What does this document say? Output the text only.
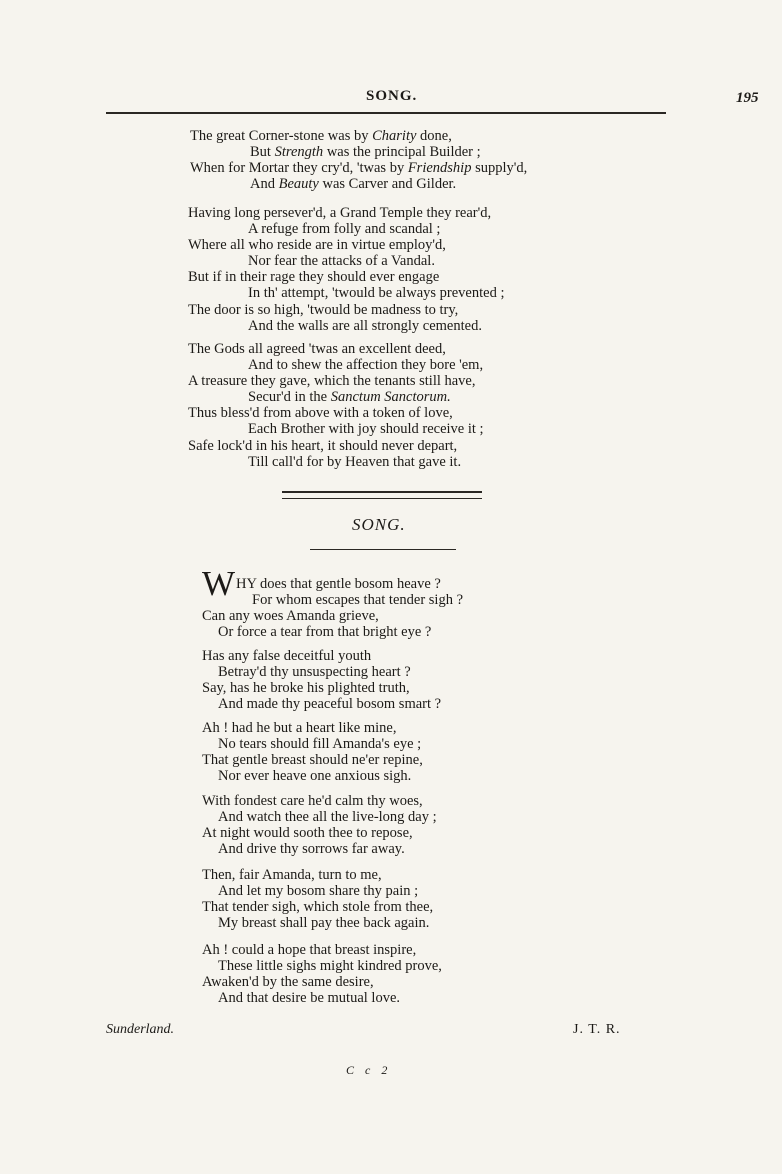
SONG.	195
The great Corner-stone was by Charity done,
But Strength was the principal Builder ;
When for Mortar they cry'd, 'twas by Friendship supply'd,
And Beauty was Carver and Gilder.
Having long persever'd, a Grand Temple they rear'd,
A refuge from folly and scandal ;
Where all who reside are in virtue employ'd,
Nor fear the attacks of a Vandal.
But if in their rage they should ever engage
In th' attempt, 'twould be always prevented ;
The door is so high, 'twould be madness to try,
And the walls are all strongly cemented.
The Gods all agreed 'twas an excellent deed,
And to shew the affection they bore 'em,
A treasure they gave, which the tenants still have,
Secur'd in the Sanctum Sanctorum.
Thus bless'd from above with a token of love,
Each Brother with joy should receive it ;
Safe lock'd in his heart, it should never depart,
Till call'd for by Heaven that gave it.
SONG.
W HY does that gentle bosom heave ?
For whom escapes that tender sigh ?
Can any woes Amanda grieve,
Or force a tear from that bright eye ?
Has any false deceitful youth
Betray'd thy unsuspecting heart ?
Say, has he broke his plighted truth,
And made thy peaceful bosom smart ?
Ah ! had he but a heart like mine,
No tears should fill Amanda's eye ;
That gentle breast should ne'er repine,
Nor ever heave one anxious sigh.
With fondest care he'd calm thy woes,
And watch thee all the live-long day ;
At night would sooth thee to repose,
And drive thy sorrows far away.
Then, fair Amanda, turn to me,
And let my bosom share thy pain ;
That tender sigh, which stole from thee,
My breast shall pay thee back again.
Ah ! could a hope that breast inspire,
These little sighs might kindred prove,
Awaken'd by the same desire,
And that desire be mutual love.
Sunderland.	J. T. R.
C c 2
